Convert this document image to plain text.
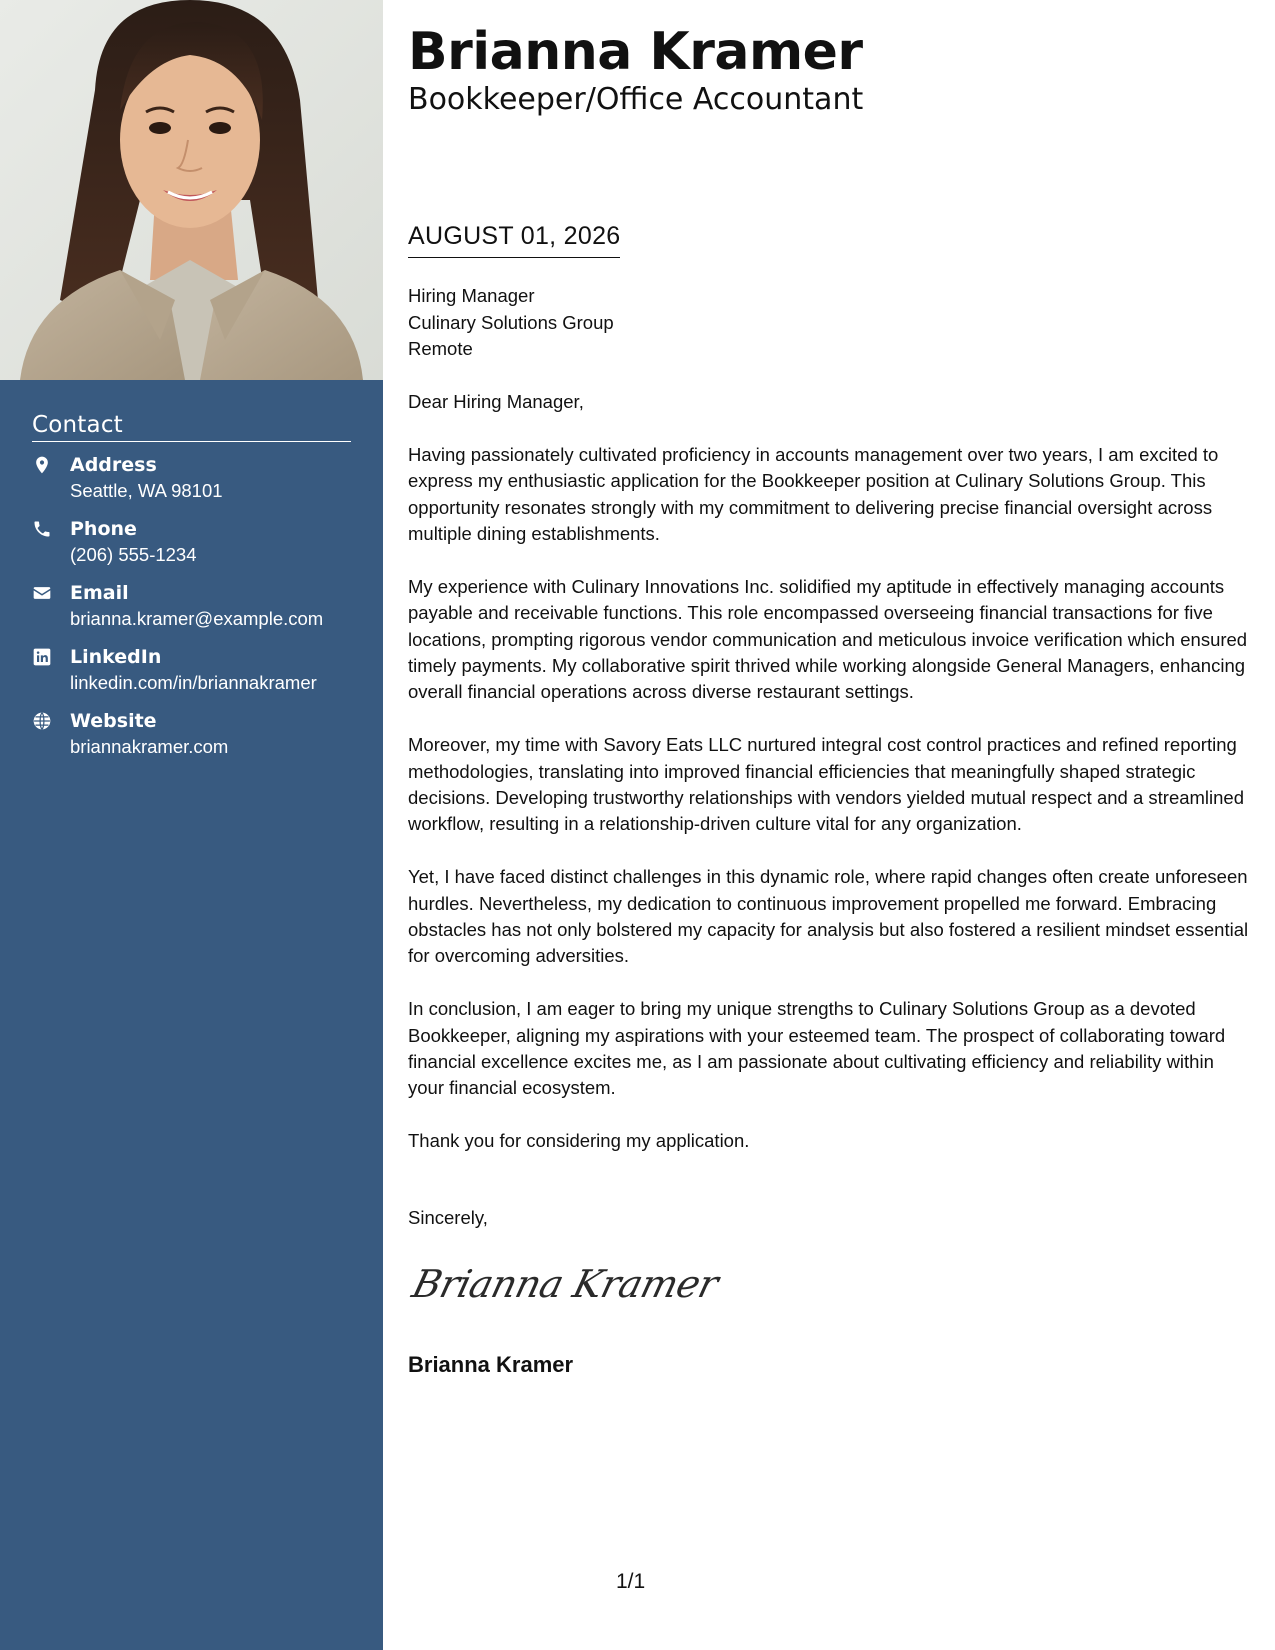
Contact
Address
Seattle, WA 98101
Phone
(206) 555-1234
Email
brianna.kramer@example.com
LinkedIn
linkedin.com/in/briannakramer
Website
briannakramer.com
Brianna Kramer
Bookkeeper/Office Accountant
AUGUST 01, 2026
Hiring Manager
Culinary Solutions Group
Remote

Dear Hiring Manager,

Having passionately cultivated proficiency in accounts management over two years, I am excited to express my enthusiastic application for the Bookkeeper position at Culinary Solutions Group. This opportunity resonates strongly with my commitment to delivering precise financial oversight across multiple dining establishments.

My experience with Culinary Innovations Inc. solidified my aptitude in effectively managing accounts payable and receivable functions. This role encompassed overseeing financial transactions for five locations, prompting rigorous vendor communication and meticulous invoice verification which ensured timely payments. My collaborative spirit thrived while working alongside General Managers, enhancing overall financial operations across diverse restaurant settings.

Moreover, my time with Savory Eats LLC nurtured integral cost control practices and refined reporting methodologies, translating into improved financial efficiencies that meaningfully shaped strategic decisions. Developing trustworthy relationships with vendors yielded mutual respect and a streamlined workflow, resulting in a relationship-driven culture vital for any organization.

Yet, I have faced distinct challenges in this dynamic role, where rapid changes often create unforeseen hurdles. Nevertheless, my dedication to continuous improvement propelled me forward. Embracing obstacles has not only bolstered my capacity for analysis but also fostered a resilient mindset essential for overcoming adversities.

In conclusion, I am eager to bring my unique strengths to Culinary Solutions Group as a devoted Bookkeeper, aligning my aspirations with your esteemed team. The prospect of collaborating toward financial excellence excites me, as I am passionate about cultivating efficiency and reliability within your financial ecosystem.

Thank you for considering my application.

Sincerely,
Brianna Kramer
Brianna Kramer
1/1
